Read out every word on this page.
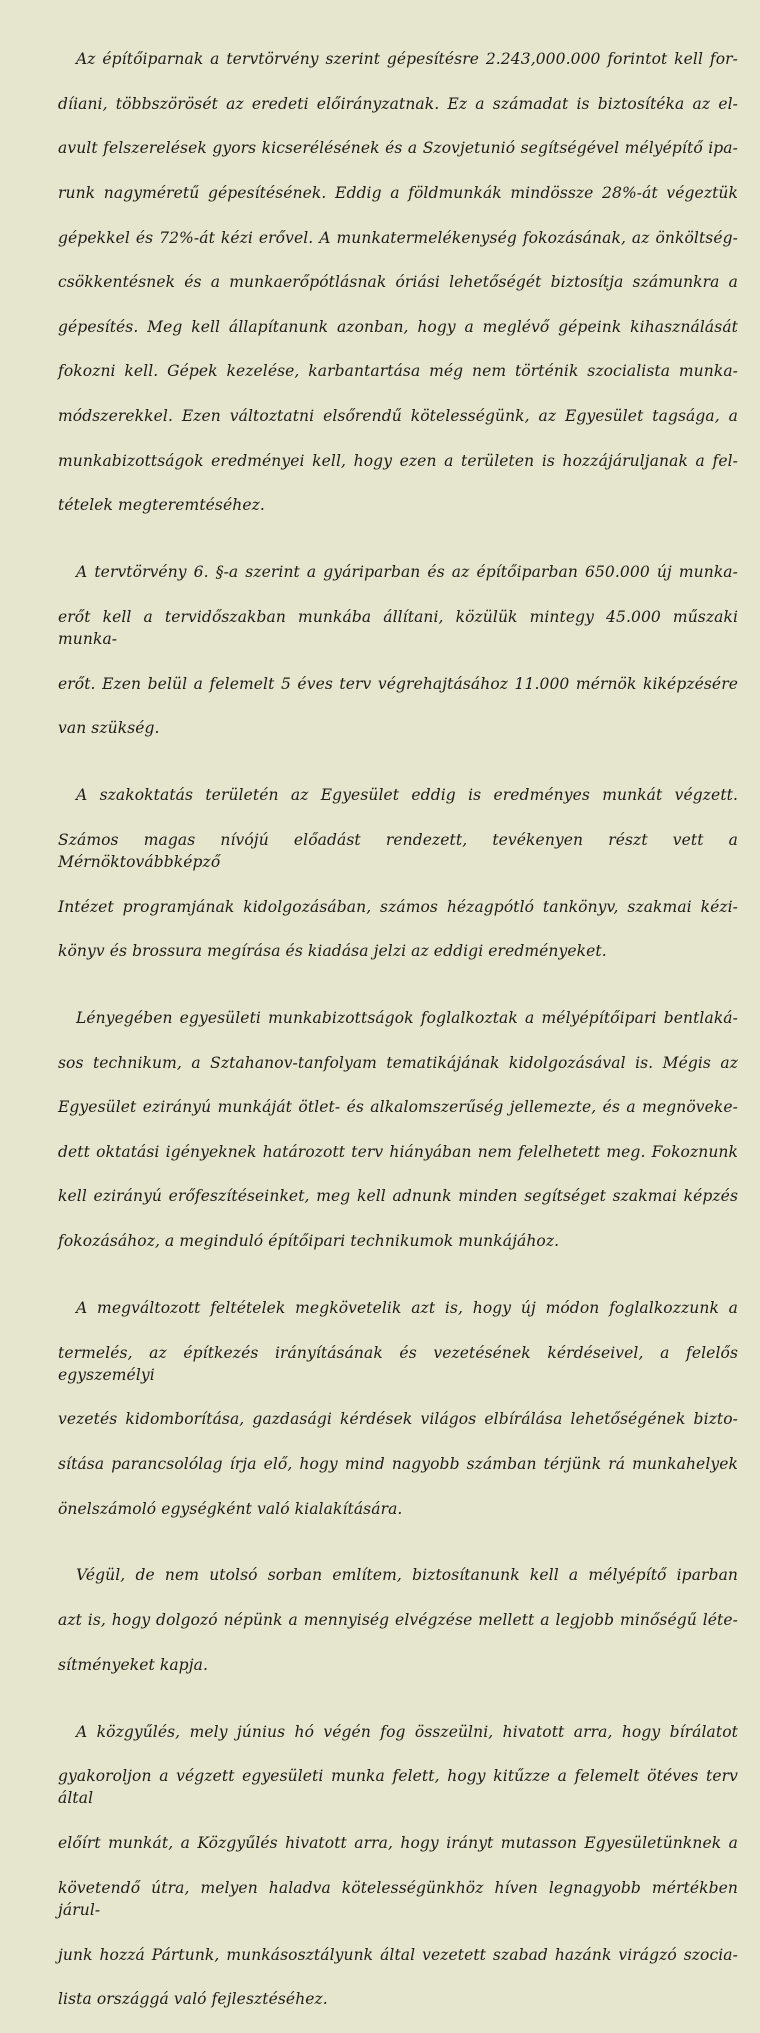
Az építőiparnak a tervtörvény szerint gépesítésre 2.243,000.000 forintot kell for-

díiani, többszörösét az eredeti előirányzatnak. Ez a számadat is biztosítéka az el-

avult felszerelések gyors kicserélésének és a Szovjetunió segítségével mélyépítő ipa-

runk nagyméretű gépesítésének. Eddig a földmunkák mindössze 28%-át végeztük

gépekkel és 72%-át kézi erővel. A munkatermelékenység fokozásának, az önköltség-

csökkentésnek és a munkaerőpótlásnak óriási lehetőségét biztosítja számunkra a

gépesítés. Meg kell állapítanunk azonban, hogy a meglévő gépeink kihasználását

fokozni kell. Gépek kezelése, karbantartása még nem történik szocialista munka-

módszerekkel. Ezen változtatni elsőrendű kötelességünk, az Egyesület tagsága, a

munkabizottságok eredményei kell, hogy ezen a területen is hozzájáruljanak a fel-

tételek megteremtéséhez.

A tervtörvény 6. §-a szerint a gyáriparban és az építőiparban 650.000 új munka-

erőt kell a tervidőszakban munkába állítani, közülük mintegy 45.000 műszaki munka-

erőt. Ezen belül a felemelt 5 éves terv végrehajtásához 11.000 mérnök kiképzésére

van szükség.

A szakoktatás területén az Egyesület eddig is eredményes munkát végzett.

Számos magas nívójú előadást rendezett, tevékenyen részt vett a Mérnöktovábbképző

Intézet programjának kidolgozásában, számos hézagpótló tankönyv, szakmai kézi-

könyv és brossura megírása és kiadása jelzi az eddigi eredményeket.

Lényegében egyesületi munkabizottságok foglalkoztak a mélyépítőipari bentlaká-

sos technikum, a Sztahanov-tanfolyam tematikájának kidolgozásával is. Mégis az

Egyesület ezirányú munkáját ötlet- és alkalomszerűség jellemezte, és a megnöveke-

dett oktatási igényeknek határozott terv hiányában nem felelhetett meg. Fokoznunk

kell ezirányú erőfeszítéseinket, meg kell adnunk minden segítséget szakmai képzés

fokozásához, a meginduló építőipari technikumok munkájához.

A megváltozott feltételek megkövetelik azt is, hogy új módon foglalkozzunk a

termelés, az építkezés irányításának és vezetésének kérdéseivel, a felelős egyszemélyi

vezetés kidomborítása, gazdasági kérdések világos elbírálása lehetőségének bizto-

sítása parancsolólag írja elő, hogy mind nagyobb számban térjünk rá munkahelyek

önelszámoló egységként való kialakítására.

Végül, de nem utolsó sorban említem, biztosítanunk kell a mélyépítő iparban

azt is, hogy dolgozó népünk a mennyiség elvégzése mellett a legjobb minőségű léte-

sítményeket kapja.

A közgyűlés, mely június hó végén fog összeülni, hivatott arra, hogy bírálatot

gyakoroljon a végzett egyesületi munka felett, hogy kitűzze a felemelt ötéves terv által

előírt munkát, a Közgyűlés hivatott arra, hogy irányt mutasson Egyesületünknek a

követendő útra, melyen haladva kötelességünkhöz híven legnagyobb mértékben járul-

junk hozzá Pártunk, munkásosztályunk által vezetett szabad hazánk virágzó szocia-

lista országgá való fejlesztéséhez.
